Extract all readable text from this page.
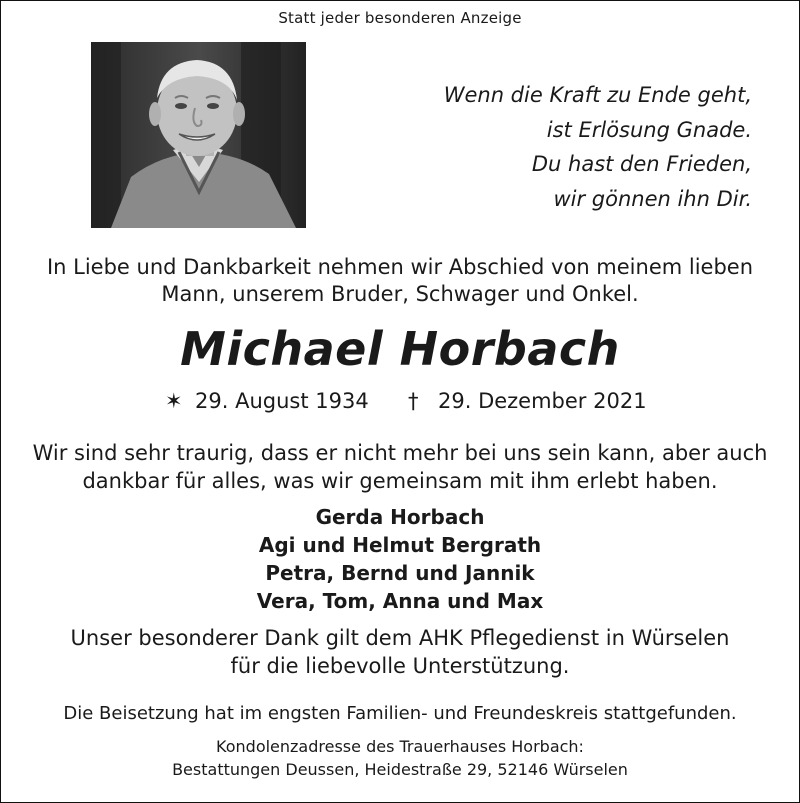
Statt jeder besonderen Anzeige
Wenn die Kraft zu Ende geht,
ist Erlösung Gnade.
Du hast den Frieden,
wir gönnen ihn Dir.
In Liebe und Dankbarkeit nehmen wir Abschied von meinem lieben
Mann, unserem Bruder, Schwager und Onkel.
Michael Horbach
✶ 29. August 1934 † 29. Dezember 2021
Wir sind sehr traurig, dass er nicht mehr bei uns sein kann, aber auch
dankbar für alles, was wir gemeinsam mit ihm erlebt haben.
Gerda Horbach
Agi und Helmut Bergrath
Petra, Bernd und Jannik
Vera, Tom, Anna und Max
Unser besonderer Dank gilt dem AHK Pflegedienst in Würselen
für die liebevolle Unterstützung.
Die Beisetzung hat im engsten Familien- und Freundeskreis stattgefunden.
Kondolenzadresse des Trauerhauses Horbach:
Bestattungen Deussen, Heidestraße 29, 52146 Würselen
